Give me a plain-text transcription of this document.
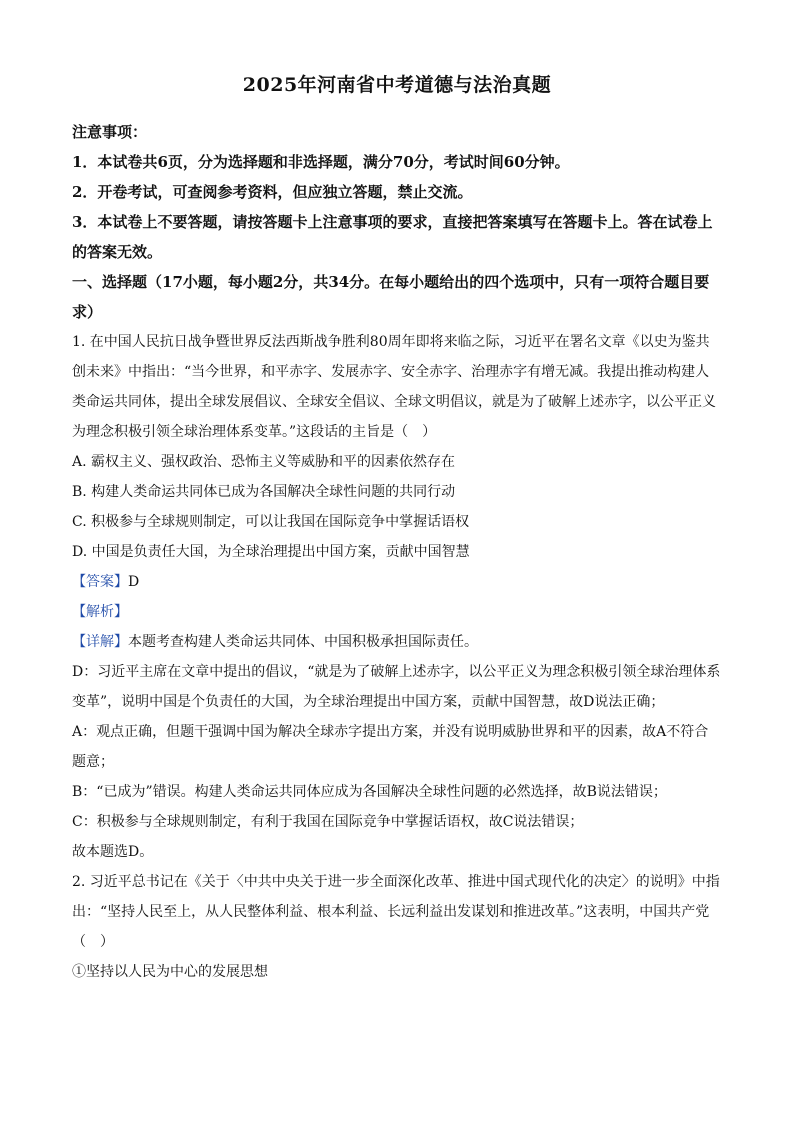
2025年河南省中考道德与法治真题

注意事项：

1．本试卷共6页，分为选择题和非选择题，满分70分，考试时间60分钟。

2．开卷考试，可查阅参考资料，但应独立答题，禁止交流。

3．本试卷上不要答题，请按答题卡上注意事项的要求，直接把答案填写在答题卡上。答在试卷上的答案无效。

一、选择题（17小题，每小题2分，共34分。在每小题给出的四个选项中，只有一项符合题目要求）

1. 在中国人民抗日战争暨世界反法西斯战争胜利80周年即将来临之际，习近平在署名文章《以史为鉴共创未来》中指出：“当今世界，和平赤字、发展赤字、安全赤字、治理赤字有增无减。我提出推动构建人类命运共同体，提出全球发展倡议、全球安全倡议、全球文明倡议，就是为了破解上述赤字，以公平正义为理念积极引领全球治理体系变革。”这段话的主旨是（　）

A. 霸权主义、强权政治、恐怖主义等威胁和平的因素依然存在

B. 构建人类命运共同体已成为各国解决全球性问题的共同行动

C. 积极参与全球规则制定，可以让我国在国际竞争中掌握话语权

D. 中国是负责任大国，为全球治理提出中国方案，贡献中国智慧

【答案】D

【解析】

【详解】本题考查构建人类命运共同体、中国积极承担国际责任。

D：习近平主席在文章中提出的倡议，“就是为了破解上述赤字，以公平正义为理念积极引领全球治理体系变革”，说明中国是个负责任的大国，为全球治理提出中国方案，贡献中国智慧，故D说法正确；

A：观点正确，但题干强调中国为解决全球赤字提出方案，并没有说明威胁世界和平的因素，故A不符合题意；

B：“已成为”错误。构建人类命运共同体应成为各国解决全球性问题的必然选择，故B说法错误；

C：积极参与全球规则制定，有利于我国在国际竞争中掌握话语权，故C说法错误；

故本题选D。

2. 习近平总书记在《关于〈中共中央关于进一步全面深化改革、推进中国式现代化的决定〉的说明》中指出：“坚持人民至上，从人民整体利益、根本利益、长远利益出发谋划和推进改革。”这表明，中国共产党（　）

①坚持以人民为中心的发展思想
